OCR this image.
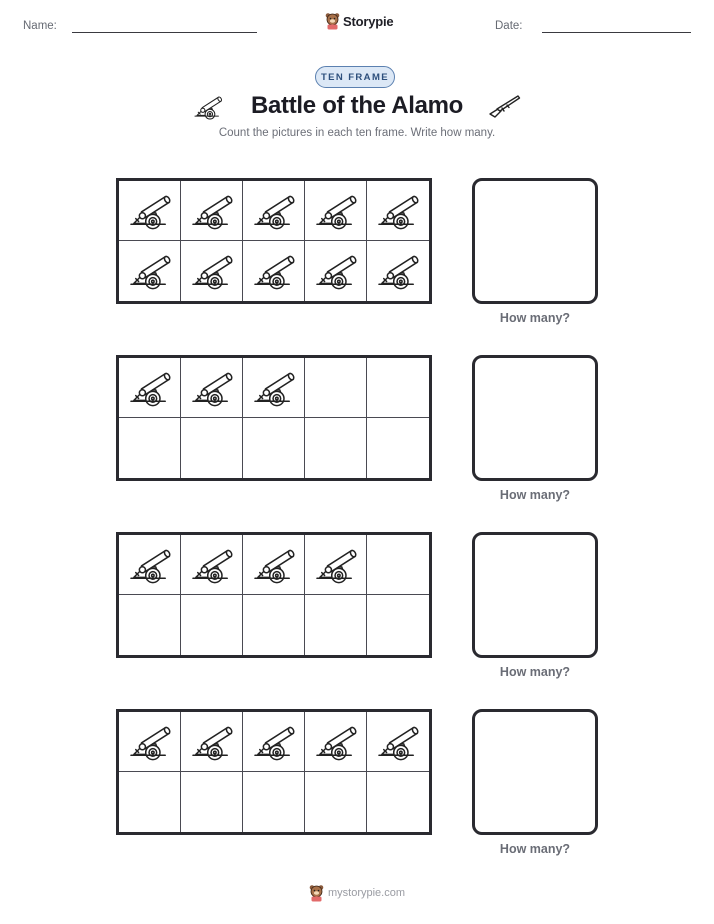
Name:	Storypie	Date:
TEN FRAME
Battle of the Alamo
Count the pictures in each ten frame. Write how many.
How many?
How many?
How many?
How many?
mystorypie.com
